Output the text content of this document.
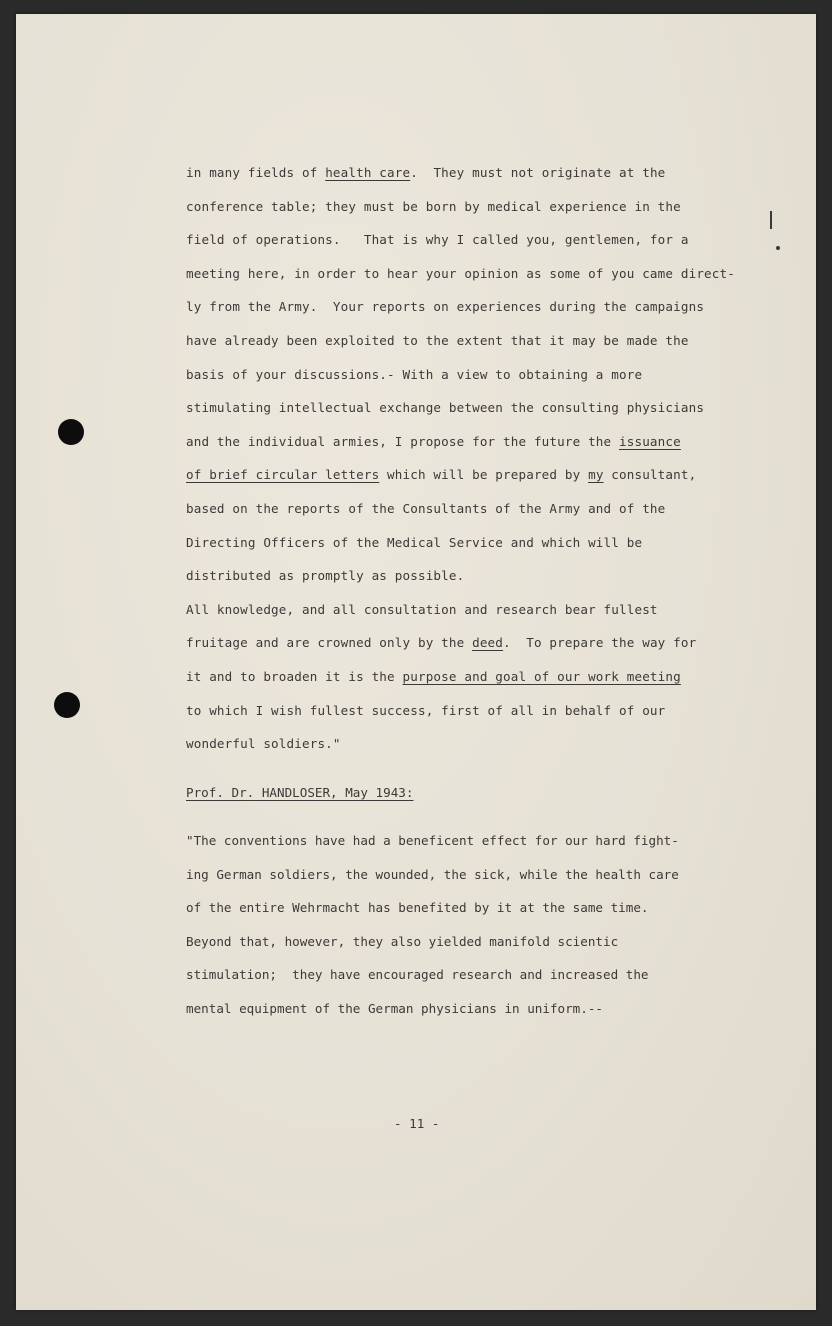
in many fields of health care.  They must not originate at the
conference table; they must be born by medical experience in the
field of operations.   That is why I called you, gentlemen, for a
meeting here, in order to hear your opinion as some of you came direct-
ly from the Army.  Your reports on experiences during the campaigns
have already been exploited to the extent that it may be made the
basis of your discussions.- With a view to obtaining a more
stimulating intellectual exchange between the consulting physicians
and the individual armies, I propose for the future the issuance
of brief circular letters which will be prepared by my consultant,
based on the reports of the Consultants of the Army and of the
Directing Officers of the Medical Service and which will be
distributed as promptly as possible.
All knowledge, and all consultation and research bear fullest
fruitage and are crowned only by the deed.  To prepare the way for
it and to broaden it is the purpose and goal of our work meeting
to which I wish fullest success, first of all in behalf of our
wonderful soldiers."
Prof. Dr. HANDLOSER, May 1943:
"The conventions have had a beneficent effect for our hard fight-
ing German soldiers, the wounded, the sick, while the health care
of the entire Wehrmacht has benefited by it at the same time.
Beyond that, however, they also yielded manifold scientic
stimulation;  they have encouraged research and increased the
mental equipment of the German physicians in uniform.--
- 11 -
